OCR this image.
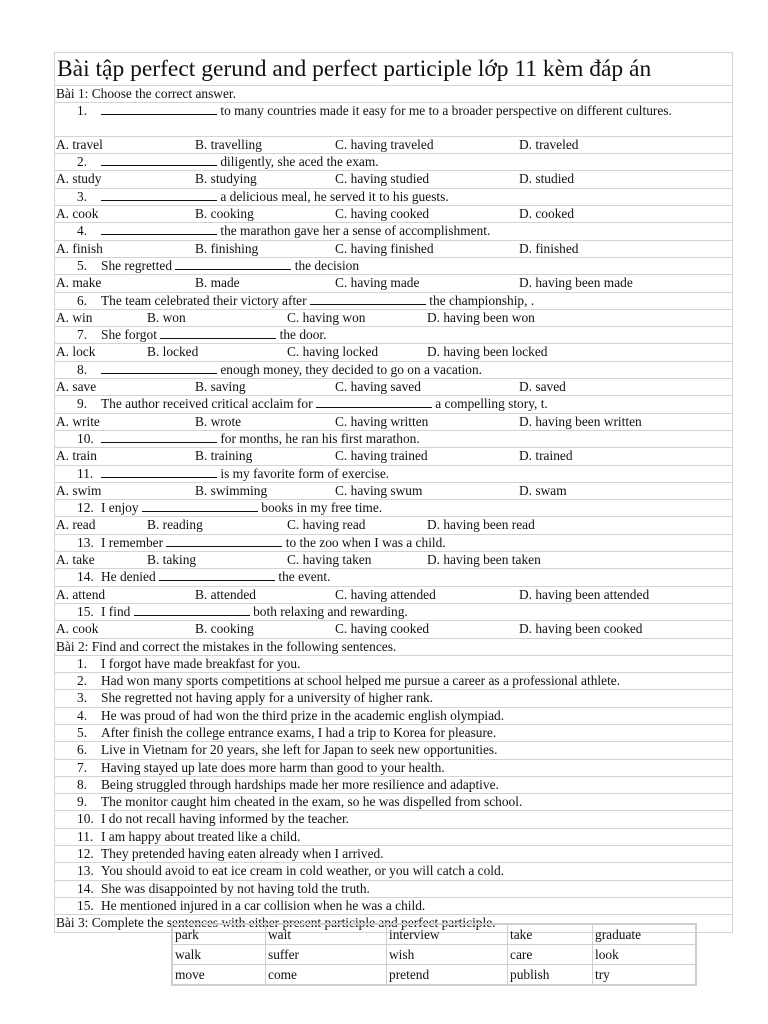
Bài tập perfect gerund and perfect participle lớp 11 kèm đáp án
Bài 1: Choose the correct answer.
1.	to many countries made it easy for me to a broader perspective on different cultures.
A. travel	B. travelling	C. having traveled	D. traveled
2.	diligently, she aced the exam.
A. study	B. studying	C. having studied	D. studied
3.	a delicious meal, he served it to his guests.
A. cook	B. cooking	C. having cooked	D. cooked
4.	the marathon gave her a sense of accomplishment.
A. finish	B. finishing	C. having finished	D. finished
5.	She regretted	the decision
A. make	B. made	C. having made	D. having been made
6.	The team celebrated their victory after	the championship, .
A. win	B. won	C. having won	D. having been won
7.	She forgot	the door.
A. lock	B. locked	C. having locked	D. having been locked
8.	enough money, they decided to go on a vacation.
A. save	B. saving	C. having saved	D. saved
9.	The author received critical acclaim for	a compelling story, t.
A. write	B. wrote	C. having written	D. having been written
10.	for months, he ran his first marathon.
A. train	B. training	C. having trained	D. trained
11.	is my favorite form of exercise.
A. swim	B. swimming	C. having swum	D. swam
12. I enjoy	books in my free time.
A. read	B. reading	C. having read	D. having been read
13. I remember	to the zoo when I was a child.
A. take	B. taking	C. having taken	D. having been taken
14. He denied	the event.
A. attend	B. attended	C. having attended	D. having been attended
15. I find	both relaxing and rewarding.
A. cook	B. cooking	C. having cooked	D. having been cooked
Bài 2: Find and correct the mistakes in the following sentences.
1.	I forgot have made breakfast for you.
2.	Had won many sports competitions at school helped me pursue a career as a professional athlete.
3.	She regretted not having apply for a university of higher rank.
4.	He was proud of had won the third prize in the academic english olympiad.
5.	After finish the college entrance exams, I had a trip to Korea for pleasure.
6.	Live in Vietnam for 20 years, she left for Japan to seek new opportunities.
7.	Having stayed up late does more harm than good to your health.
8.	Being struggled through hardships made her more resilience and adaptive.
9.	The monitor caught him cheated in the exam, so he was dispelled from school.
10. I do not recall having informed by the teacher.
11. I am happy about treated like a child.
12. They pretended having eaten already when I arrived.
13. You should avoid to eat ice cream in cold weather, or you will catch a cold.
14. She was disappointed by not having told the truth.
15. He mentioned injured in a car collision when he was a child.
Bài 3: Complete the sentences with either present participle and perfect participle.
park	wait	interview	take	graduate
walk	suffer	wish	care	look
move	come	pretend	publish	try
